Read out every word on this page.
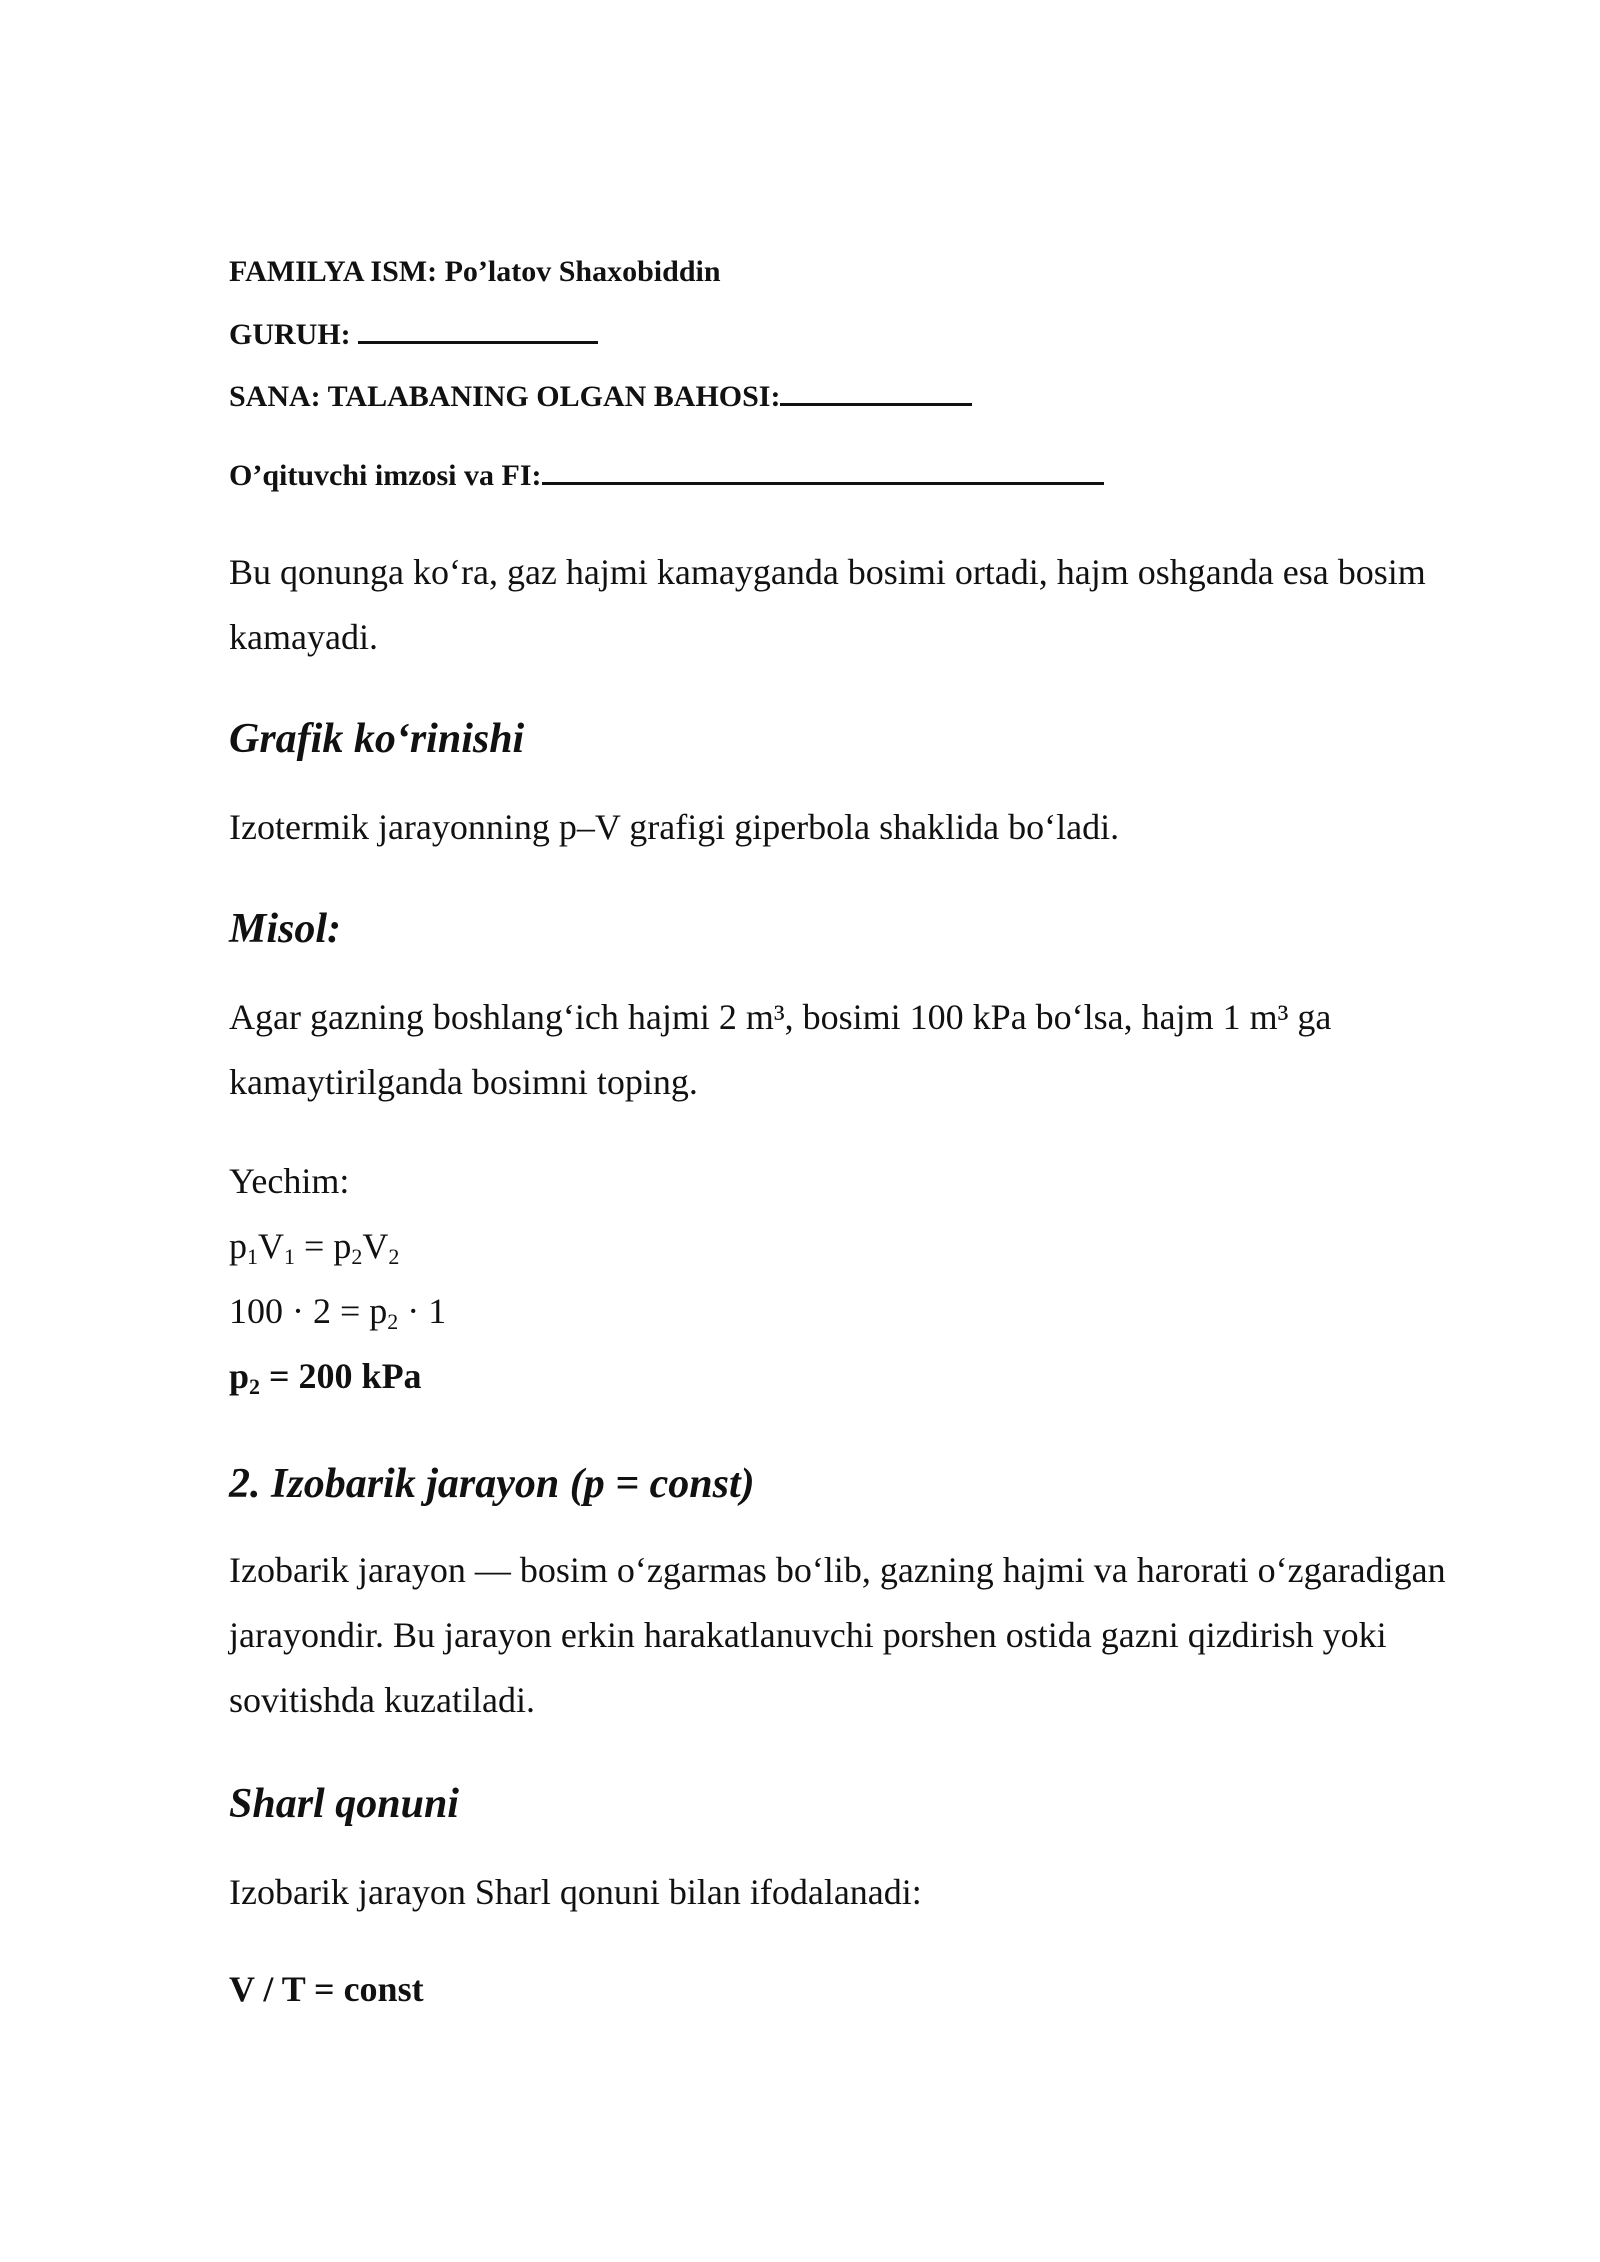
FAMILYA ISM: Po’latov Shaxobiddin
GURUH:
SANA: TALABANING OLGAN BAHOSI:
O’qituvchi imzosi va FI:
Bu qonunga ko‘ra, gaz hajmi kamayganda bosimi ortadi, hajm oshganda esa bosim kamayadi.
Grafik ko‘rinishi
Izotermik jarayonning p–V grafigi giperbola shaklida bo‘ladi.
Misol:
Agar gazning boshlang‘ich hajmi 2 m³, bosimi 100 kPa bo‘lsa, hajm 1 m³ ga kamaytirilganda bosimni toping.
Yechim:
$p_1V_1 = p_2V_2$
$100 \cdot 2 = p_2 \cdot 1$
$p_2 = 200$ kPa
2. Izobarik jarayon (p = const)
Izobarik jarayon — bosim o‘zgarmas bo‘lib, gazning hajmi va harorati o‘zgaradigan jarayondir. Bu jarayon erkin harakatlanuvchi porshen ostida gazni qizdirish yoki sovitishda kuzatiladi.
Sharl qonuni
Izobarik jarayon Sharl qonuni bilan ifodalanadi:
V / T = const
